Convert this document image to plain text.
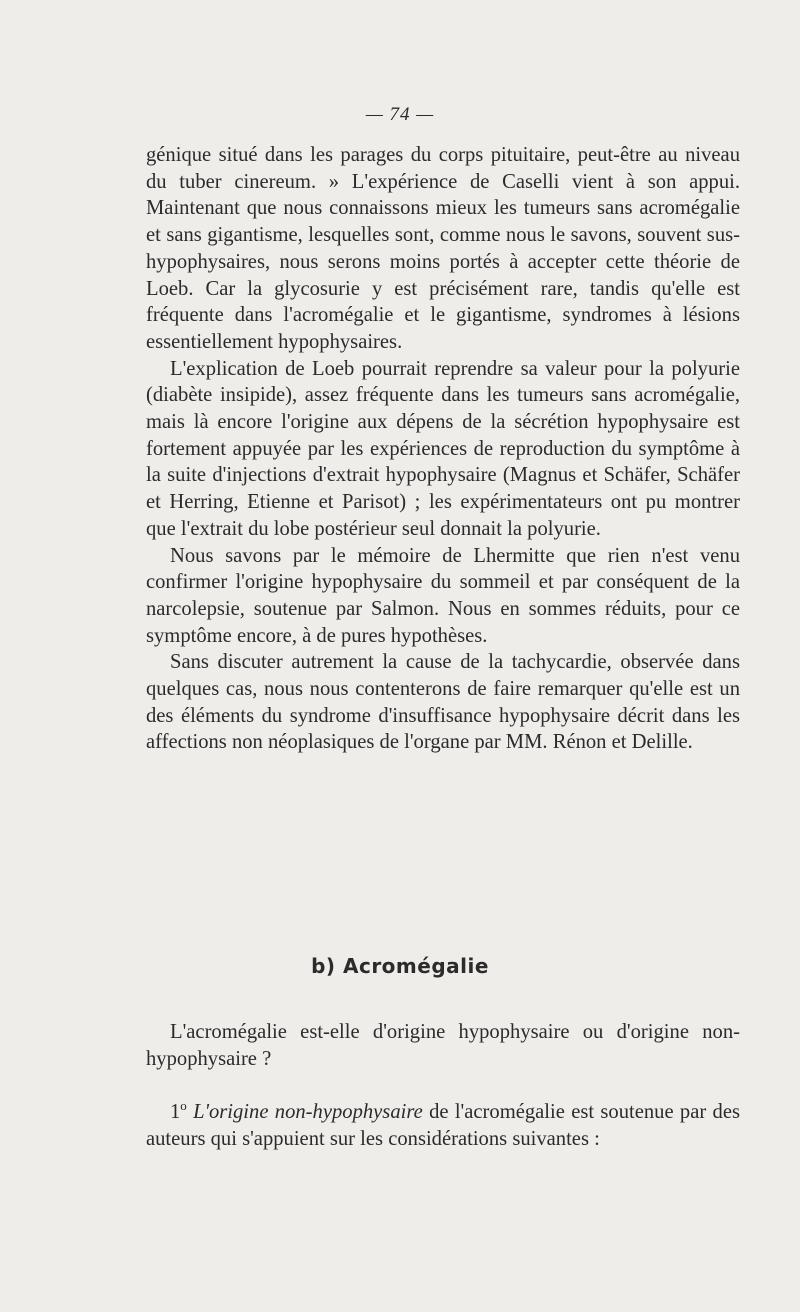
— 74 —

génique situé dans les parages du corps pituitaire, peut-être au niveau du tuber cinereum. » L'expérience de Caselli vient à son appui. Maintenant que nous connaissons mieux les tumeurs sans acromégalie et sans gigantisme, lesquelles sont, comme nous le savons, souvent sus-hypophysaires, nous serons moins portés à accepter cette théorie de Loeb. Car la glycosurie y est précisément rare, tandis qu'elle est fréquente dans l'acromégalie et le gigantisme, syndromes à lésions essentiellement hypophysaires.

L'explication de Loeb pourrait reprendre sa valeur pour la polyurie (diabète insipide), assez fréquente dans les tumeurs sans acromégalie, mais là encore l'origine aux dépens de la sécrétion hypophysaire est fortement appuyée par les expériences de reproduction du symptôme à la suite d'injections d'extrait hypophysaire (Magnus et Schäfer, Schäfer et Herring, Etienne et Parisot) ; les expérimentateurs ont pu montrer que l'extrait du lobe postérieur seul donnait la polyurie.

Nous savons par le mémoire de Lhermitte que rien n'est venu confirmer l'origine hypophysaire du sommeil et par conséquent de la narcolepsie, soutenue par Salmon. Nous en sommes réduits, pour ce symptôme encore, à de pures hypothèses.

Sans discuter autrement la cause de la tachycardie, observée dans quelques cas, nous nous contenterons de faire remarquer qu'elle est un des éléments du syndrome d'insuffisance hypophysaire décrit dans les affections non néoplasiques de l'organe par MM. Rénon et Delille.

b) Acromégalie

L'acromégalie est-elle d'origine hypophysaire ou d'origine non-hypophysaire ?

1$^o$ L'origine non-hypophysaire de l'acromégalie est soutenue par des auteurs qui s'appuient sur les considérations suivantes :
